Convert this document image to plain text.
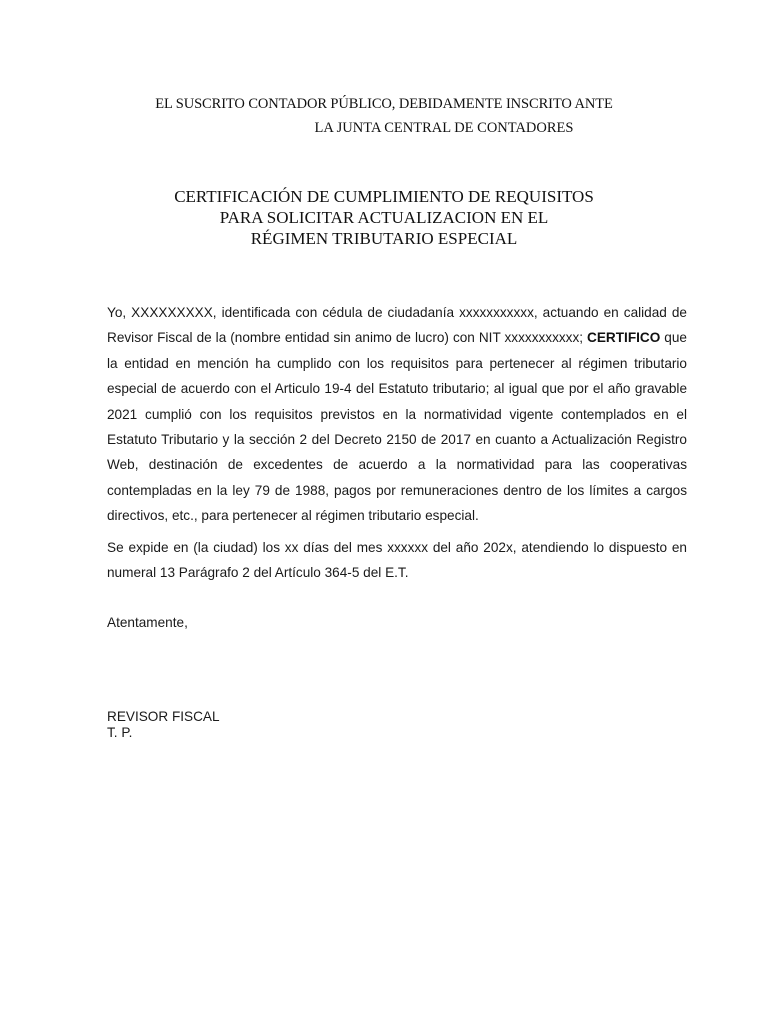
EL SUSCRITO CONTADOR PÚBLICO, DEBIDAMENTE INSCRITO ANTE
LA JUNTA CENTRAL DE CONTADORES
CERTIFICACIÓN DE CUMPLIMIENTO DE REQUISITOS
PARA SOLICITAR ACTUALIZACION EN EL
RÉGIMEN TRIBUTARIO ESPECIAL
Yo, XXXXXXXXX, identificada con cédula de ciudadanía xxxxxxxxxxx, actuando en calidad de Revisor Fiscal de la (nombre entidad sin animo de lucro) con NIT xxxxxxxxxxx; CERTIFICO que la entidad en mención ha cumplido con los requisitos para pertenecer al régimen tributario especial de acuerdo con el Articulo 19-4 del Estatuto tributario; al igual que por el año gravable 2021 cumplió con los requisitos previstos en la normatividad vigente contemplados en el Estatuto Tributario y la sección 2 del Decreto 2150 de 2017 en cuanto a Actualización Registro Web, destinación de excedentes de acuerdo a la normatividad para las cooperativas contempladas en la ley 79 de 1988, pagos por remuneraciones dentro de los límites a cargos directivos, etc., para pertenecer al régimen tributario especial.
Se expide en (la ciudad) los xx días del mes xxxxxx del año 202x, atendiendo lo dispuesto en numeral 13 Parágrafo 2 del Artículo 364-5 del E.T.
Atentamente,
REVISOR FISCAL
T. P.
